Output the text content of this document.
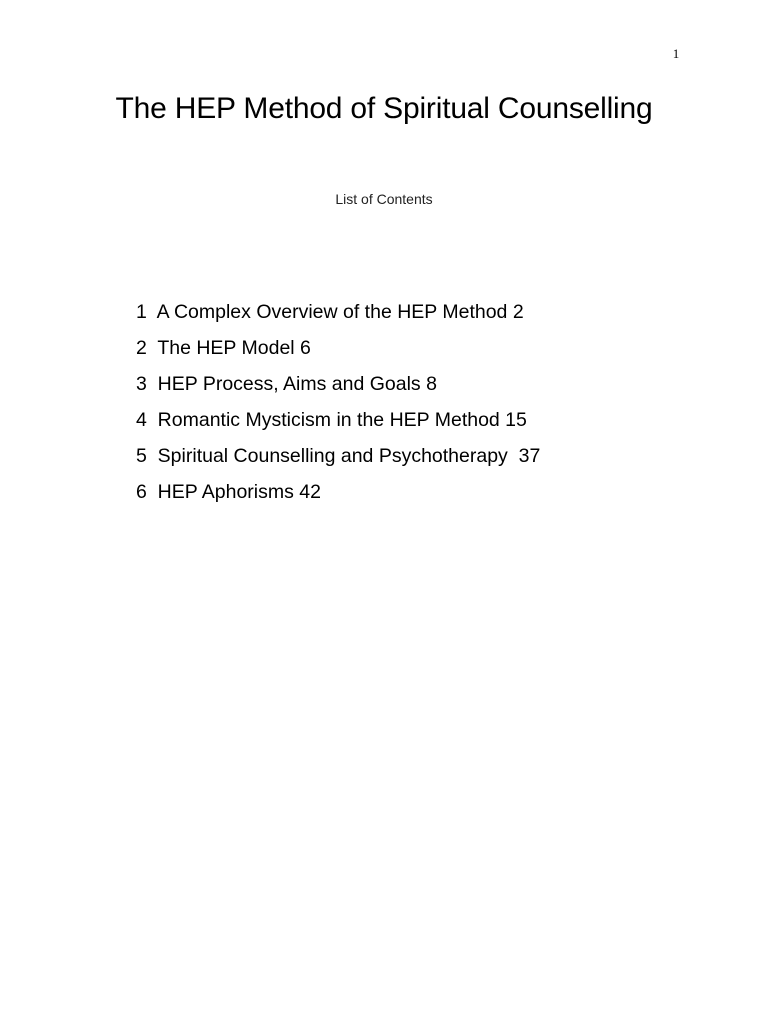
1
The HEP Method of Spiritual Counselling
List of Contents
1  A Complex Overview of the HEP Method 2
2  The HEP Model 6
3  HEP Process, Aims and Goals 8
4  Romantic Mysticism in the HEP Method 15
5  Spiritual Counselling and Psychotherapy  37
6  HEP Aphorisms 42
